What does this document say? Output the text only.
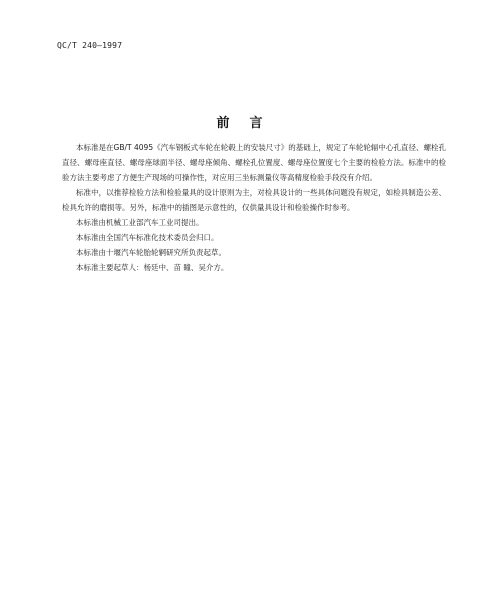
QC/T 240—1997
前言

本标准是在GB/T 4095《汽车钢板式车轮在轮毂上的安装尺寸》的基础上，规定了车轮轮辐中心孔直径、螺栓孔直径、螺母座直径、螺母座球面半径、螺母座倾角、螺栓孔位置度、螺母座位置度七个主要的检验方法。标准中的检验方法主要考虑了方便生产现场的可操作性，对应用三坐标测量仪等高精度检验手段没有介绍。

标准中，以推荐检验方法和检验量具的设计原则为主，对检具设计的一些具体问题没有规定，如检具制造公差、检具允许的磨损等。另外，标准中的插图是示意性的，仅供量具设计和检验操作时参考。

本标准由机械工业部汽车工业司提出。

本标准由全国汽车标准化技术委员会归口。

本标准由十堰汽车轮胎轮辋研究所负责起草。

本标准主要起草人：杨廷中、苗 瞳、吴介方。
